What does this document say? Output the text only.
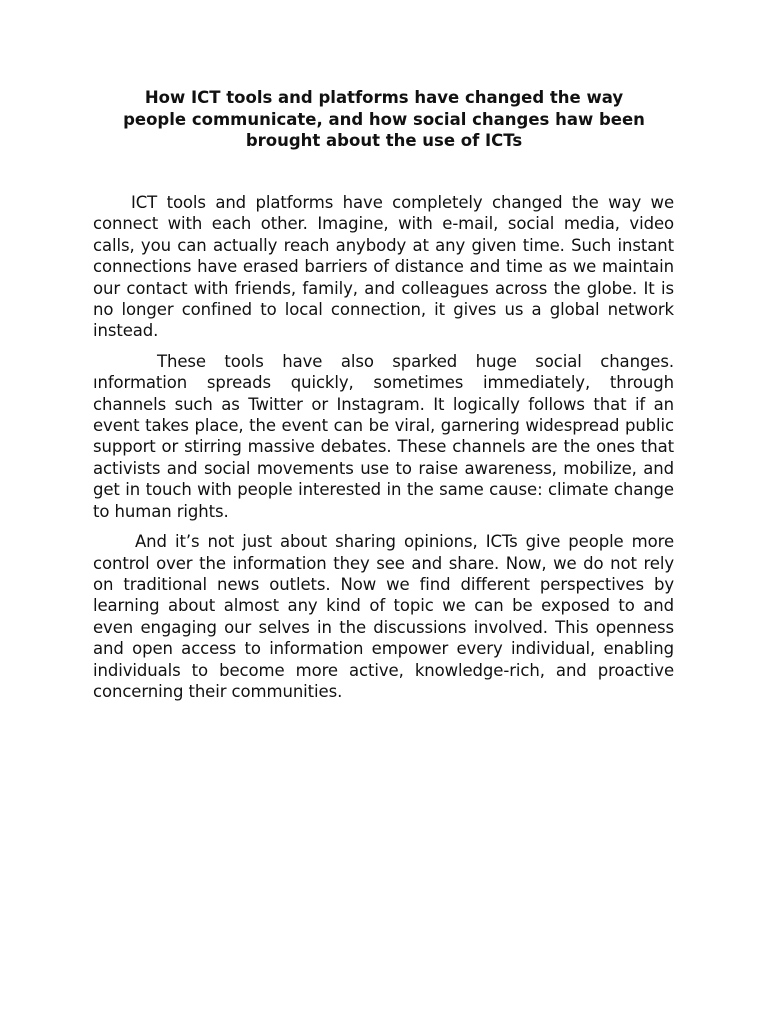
How ICT tools and platforms have changed the way
people communicate, and how social changes haw been
brought about the use of ICTs

ICT tools and platforms have completely changed the way we connect with each other. Imagine, with e-mail, social media, video calls, you can actually reach anybody at any given time. Such instant connections have erased barriers of distance and time as we maintain our contact with friends, family, and colleagues across the globe. It is no longer confined to local connection, it gives us a global network instead.

These tools have also sparked huge social changes. ınformation spreads quickly, sometimes immediately, through channels such as Twitter or Instagram. It logically follows that if an event takes place, the event can be viral, garnering widespread public support or stirring massive debates. These channels are the ones that activists and social movements use to raise awareness, mobilize, and get in touch with people interested in the same cause: climate change to human rights.

And it’s not just about sharing opinions, ICTs give people more control over the information they see and share. Now, we do not rely on traditional news outlets. Now we find different perspectives by learning about almost any kind of topic we can be exposed to and even engaging our selves in the discussions involved. This openness and open access to information empower every individual, enabling individuals to become more active, knowledge-rich, and proactive concerning their communities.
